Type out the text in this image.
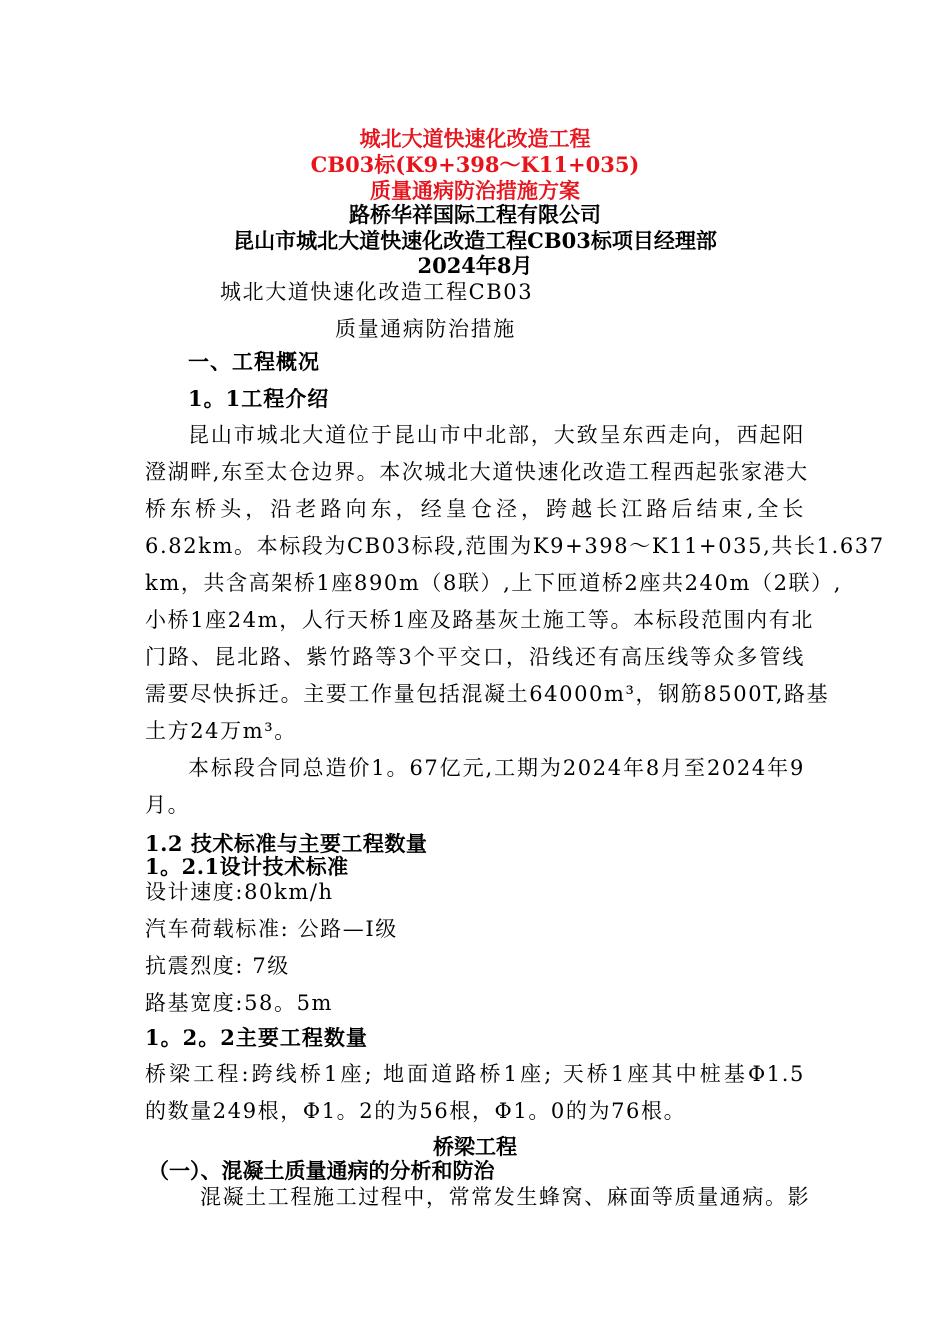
城北大道快速化改造工程
CB03标(K9+398～K11+035)
质量通病防治措施方案
路桥华祥国际工程有限公司
昆山市城北大道快速化改造工程CB03标项目经理部
2024年8月
城北大道快速化改造工程CB03
质量通病防治措施
一、工程概况
1。1工程介绍
昆山市城北大道位于昆山市中北部，大致呈东西走向，西起阳
澄湖畔,东至太仓边界。本次城北大道快速化改造工程西起张家港大
桥东桥头，沿老路向东，经皇仓泾，跨越长江路后结束,全长
6.82km。本标段为CB03标段,范围为K9+398～K11+035,共长1.637
km，共含高架桥1座890m（8联）,上下匝道桥2座共240m（2联）,
小桥1座24m，人行天桥1座及路基灰土施工等。本标段范围内有北
门路、昆北路、紫竹路等3个平交口，沿线还有高压线等众多管线
需要尽快拆迁。主要工作量包括混凝土64000m³，钢筋8500T,路基
土方24万m³。
本标段合同总造价1。67亿元,工期为2024年8月至2024年9
月。
1.2 技术标准与主要工程数量
1。2.1设计技术标准
设计速度:80km/h
汽车荷载标准: 公路—I级
抗震烈度: 7级
路基宽度:58。5m
1。2。2主要工程数量
桥梁工程:跨线桥1座; 地面道路桥1座; 天桥1座其中桩基Φ1.5
的数量249根，Φ1。2的为56根，Φ1。0的为76根。
桥梁工程
（一）、混凝土质量通病的分析和防治
混凝土工程施工过程中，常常发生蜂窝、麻面等质量通病。影
